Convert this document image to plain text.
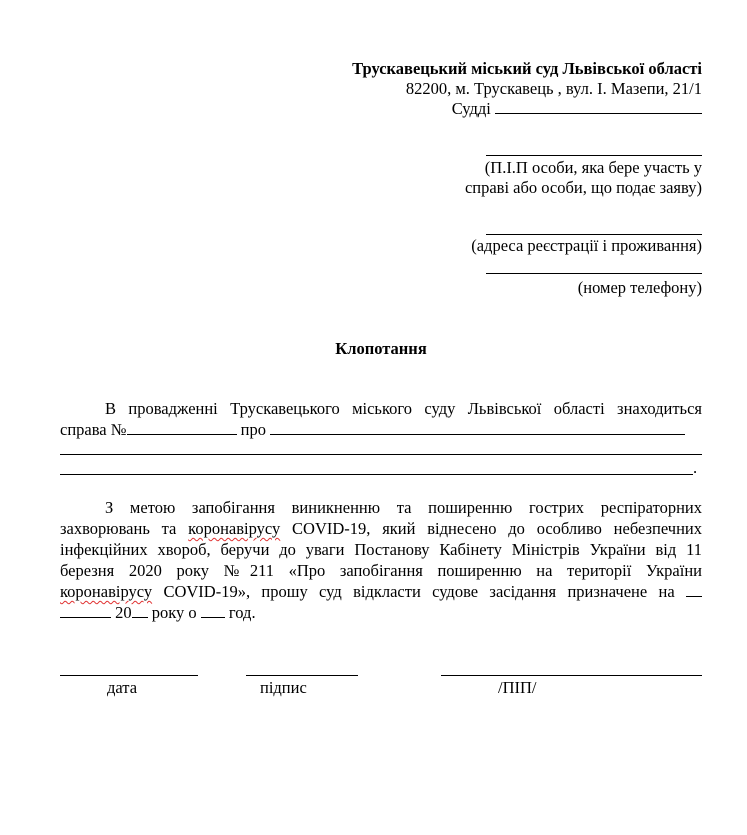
Трускавецький міський суд Львівської області
82200, м. Трускавець , вул. І. Мазепи, 21/1
Судді
(П.І.П особи, яка бере участь у
справі або особи, що подає заяву)
(адреса реєстрації і проживання)
(номер телефону)
Клопотання
В провадженні Трускавецького міського суду Львівської області знаходиться
справа №	про
.
З метою запобігання виникненню та поширенню гострих респіраторних
захворювань та коронавірусу COVID-19, який віднесено до особливо небезпечних
інфекційних хвороб, беручи до уваги Постанову Кабінету Міністрів України від 11
березня 2020 року №211 «Про запобігання поширенню на території України
коронавірусу COVID-19», прошу суд відкласти судове засідання призначене на
20 року о год.
дата	підпис	/ПІП/
